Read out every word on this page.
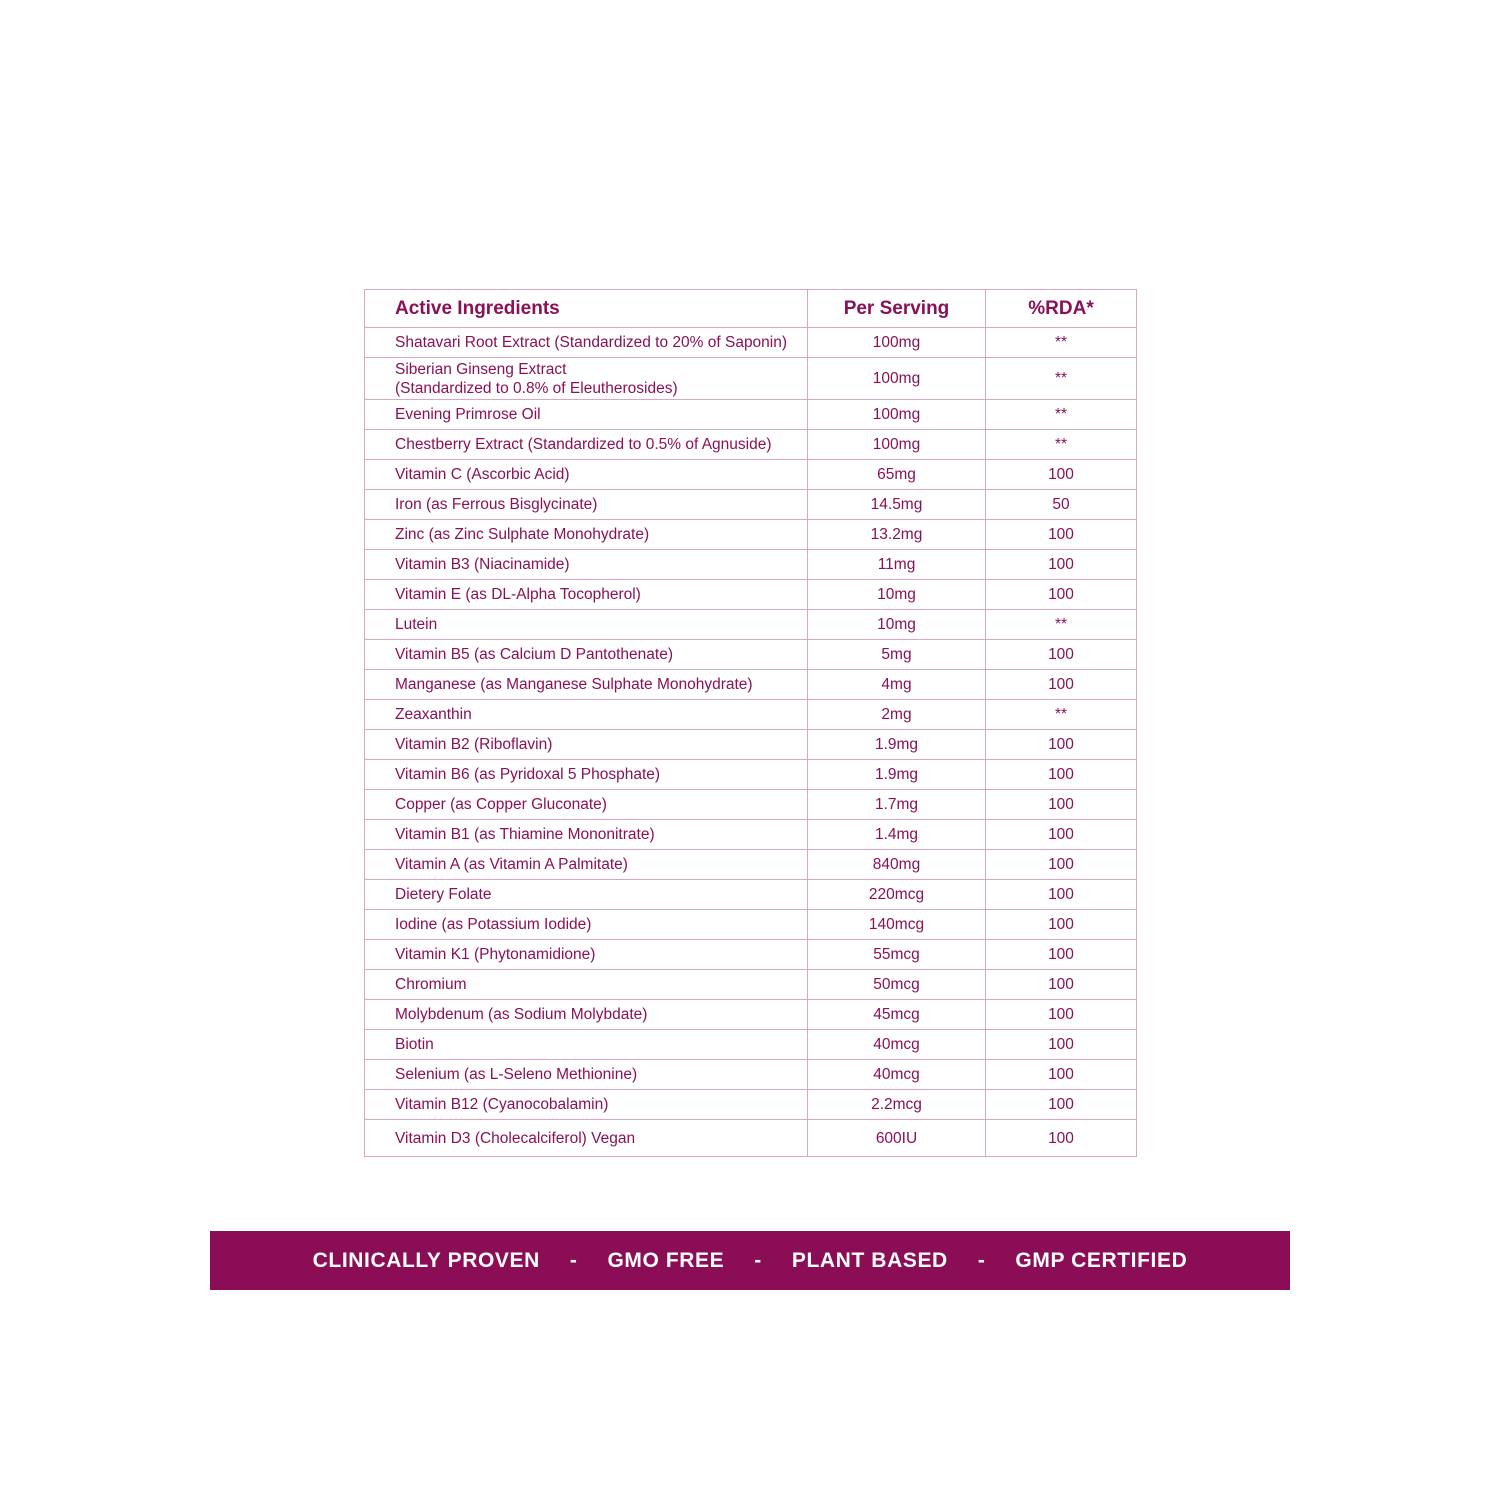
Active Ingredients	Per Serving	%RDA*
Shatavari Root Extract (Standardized to 20% of Saponin)	100mg	**

Siberian Ginseng Extract
(Standardized to 0.8% of Eleutherosides)	100mg	**
Evening Primrose Oil	100mg	**
Chestberry Extract (Standardized to 0.5% of Agnuside)	100mg	**
Vitamin C (Ascorbic Acid)	65mg	100
Iron (as Ferrous Bisglycinate)	14.5mg	50
Zinc (as Zinc Sulphate Monohydrate)	13.2mg	100
Vitamin B3 (Niacinamide)	11mg	100
Vitamin E (as DL-Alpha Tocopherol)	10mg	100
Lutein	10mg	**
Vitamin B5 (as Calcium D Pantothenate)	5mg	100
Manganese (as Manganese Sulphate Monohydrate)	4mg	100
Zeaxanthin	2mg	**
Vitamin B2 (Riboflavin)	1.9mg	100
Vitamin B6 (as Pyridoxal 5 Phosphate)	1.9mg	100
Copper (as Copper Gluconate)	1.7mg	100
Vitamin B1 (as Thiamine Mononitrate)	1.4mg	100
Vitamin A (as Vitamin A Palmitate)	840mg	100
Dietery Folate	220mcg	100
Iodine (as Potassium Iodide)	140mcg	100
Vitamin K1 (Phytonamidione)	55mcg	100
Chromium	50mcg	100
Molybdenum (as Sodium Molybdate)	45mcg	100
Biotin	40mcg	100
Selenium (as L-Seleno Methionine)	40mcg	100
Vitamin B12 (Cyanocobalamin)	2.2mcg	100
Vitamin D3 (Cholecalciferol) Vegan	600IU	100
CLINICALLY PROVEN - GMO FREE - PLANT BASED - GMP CERTIFIED
